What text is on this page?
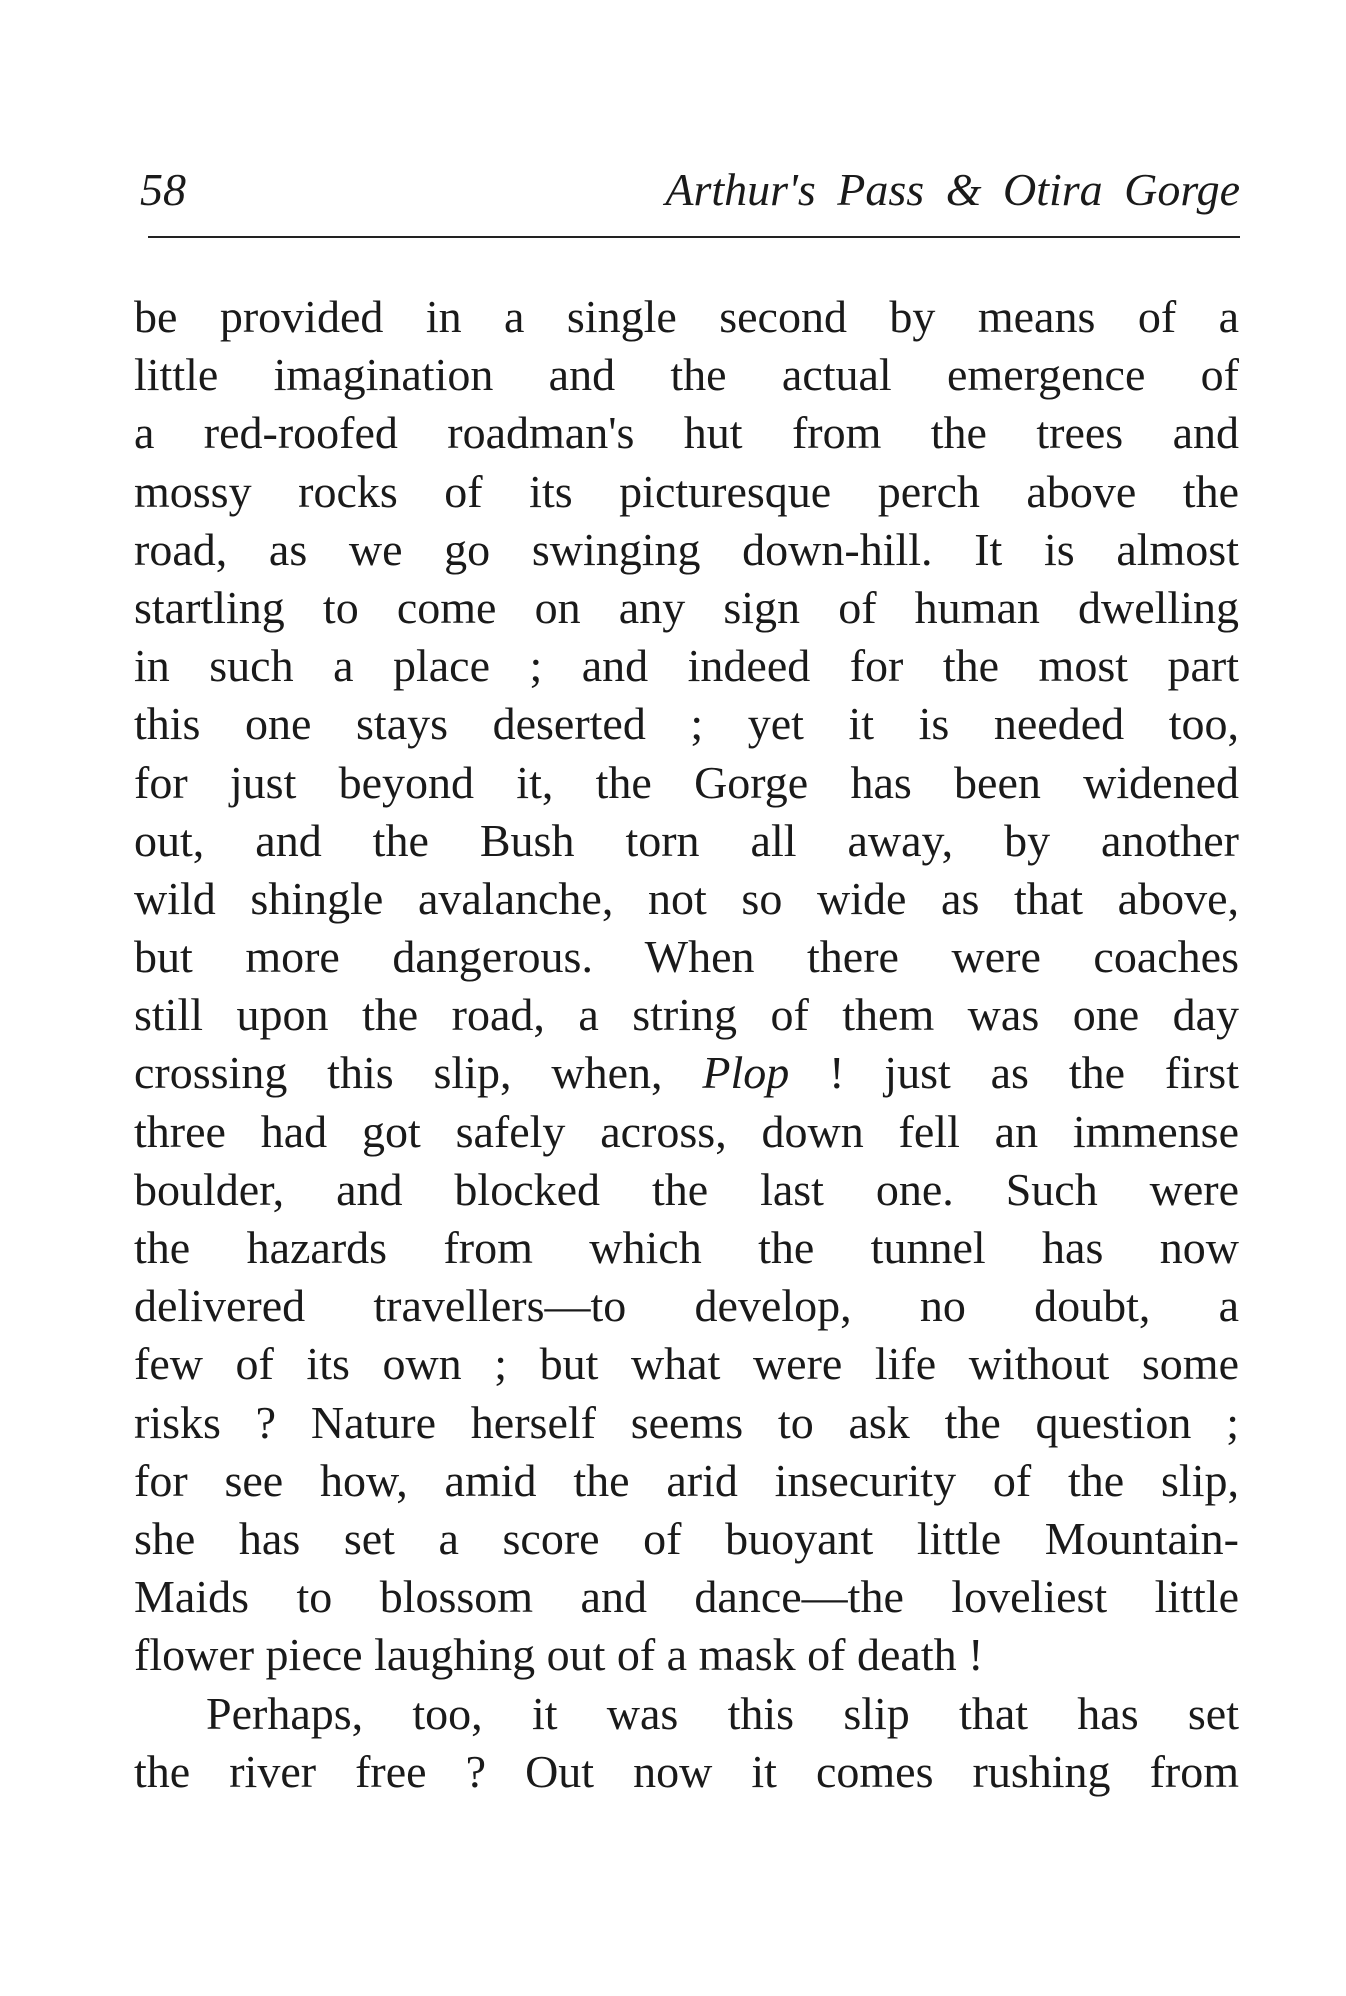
58	Arthur's Pass & Otira Gorge
be provided in a single second by means of a
little imagination and the actual emergence of
a red-roofed roadman's hut from the trees and
mossy rocks of its picturesque perch above the
road, as we go swinging down-hill. It is almost
startling to come on any sign of human dwelling
in such a place ; and indeed for the most part
this one stays deserted ; yet it is needed too,
for just beyond it, the Gorge has been widened
out, and the Bush torn all away, by another
wild shingle avalanche, not so wide as that above,
but more dangerous. When there were coaches
still upon the road, a string of them was one day
crossing this slip, when, Plop ! just as the first
three had got safely across, down fell an immense
boulder, and blocked the last one. Such were
the hazards from which the tunnel has now
delivered travellers—to develop, no doubt, a
few of its own ; but what were life without some
risks ? Nature herself seems to ask the question ;
for see how, amid the arid insecurity of the slip,
she has set a score of buoyant little Mountain-
Maids to blossom and dance—the loveliest little
flower piece laughing out of a mask of death !
Perhaps, too, it was this slip that has set
the river free ? Out now it comes rushing from
